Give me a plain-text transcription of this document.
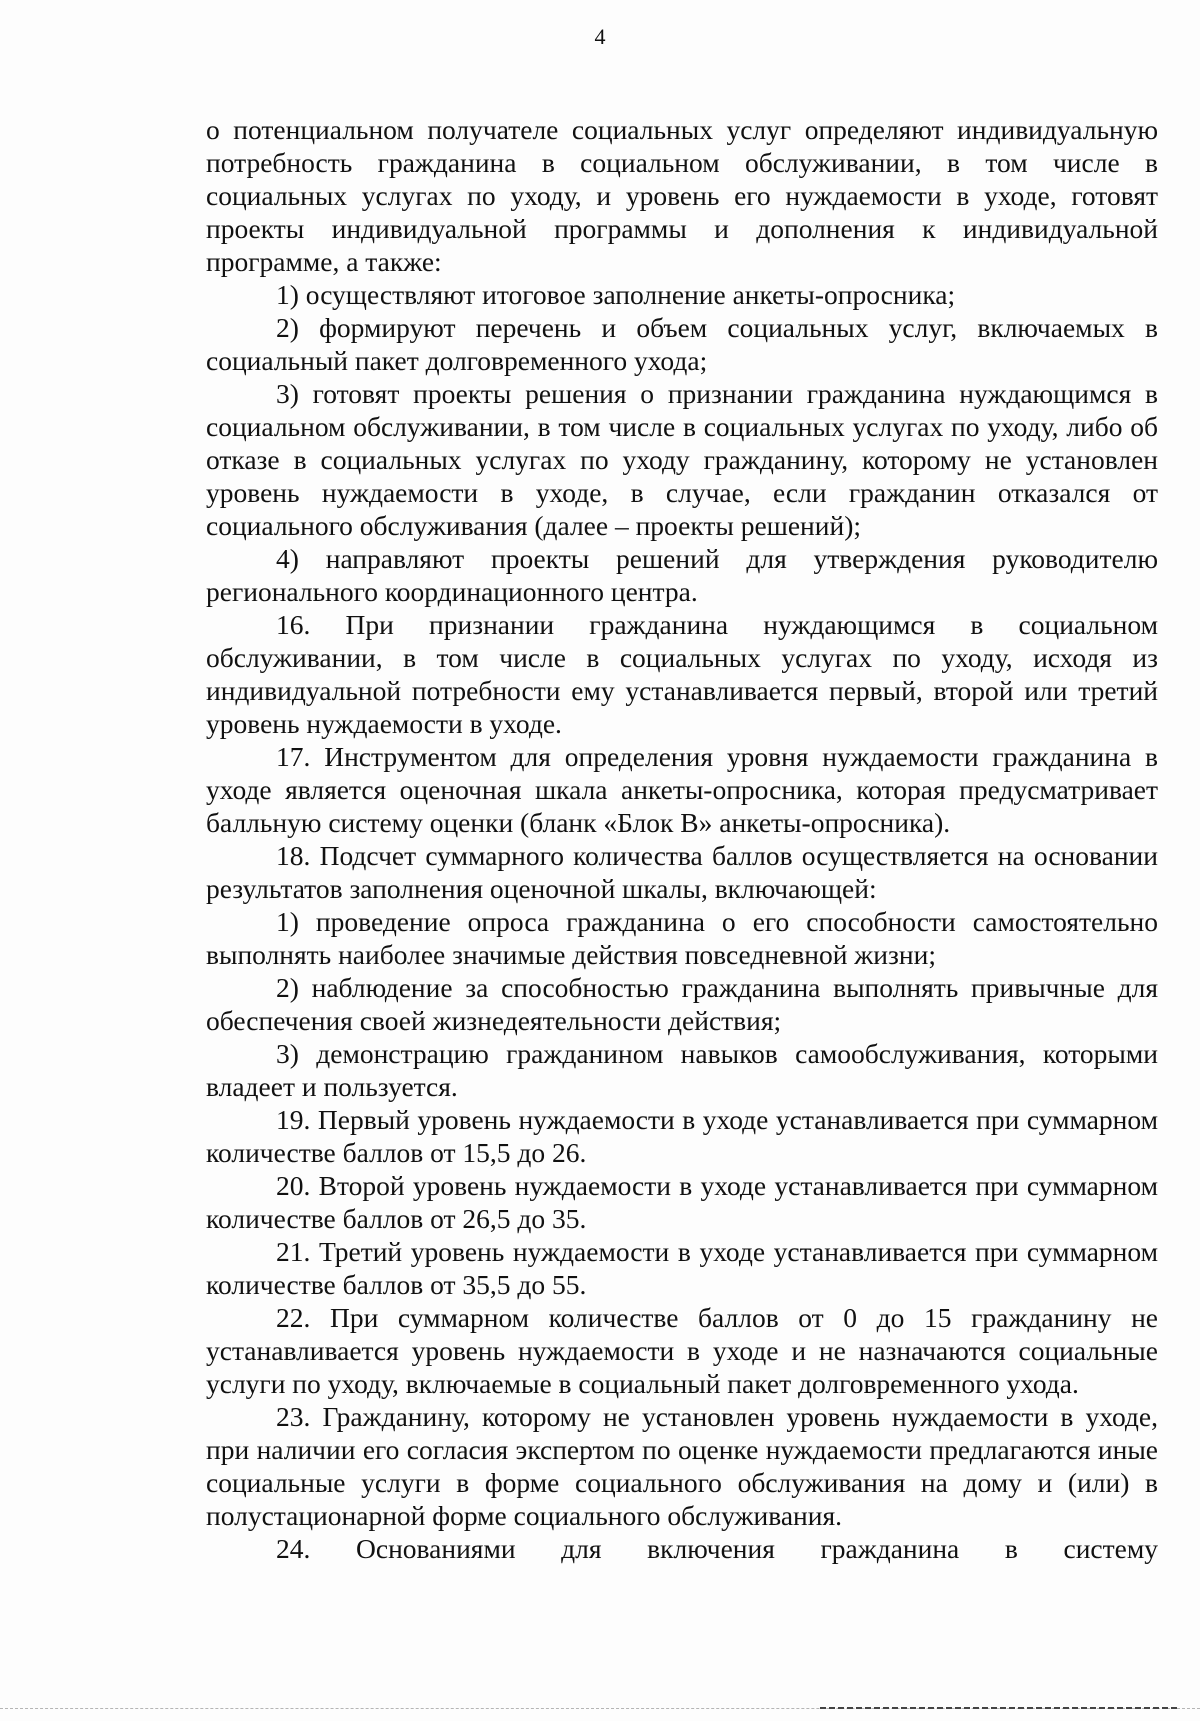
4

о потенциальном получателе социальных услуг определяют индивидуальную потребность гражданина в социальном обслуживании, в том числе в социальных услугах по уходу, и уровень его нуждаемости в уходе, готовят проекты индивидуальной программы и дополнения к индивидуальной программе, а также:

1) осуществляют итоговое заполнение анкеты-опросника;

2) формируют перечень и объем социальных услуг, включаемых в социальный пакет долговременного ухода;

3) готовят проекты решения о признании гражданина нуждающимся в социальном обслуживании, в том числе в социальных услугах по уходу, либо об отказе в социальных услугах по уходу гражданину, которому не установлен уровень нуждаемости в уходе, в случае, если гражданин отказался от социального обслуживания (далее – проекты решений);

4) направляют проекты решений для утверждения руководителю регионального координационного центра.

16. При признании гражданина нуждающимся в социальном обслуживании, в том числе в социальных услугах по уходу, исходя из индивидуальной потребности ему устанавливается первый, второй или третий уровень нуждаемости в уходе.

17. Инструментом для определения уровня нуждаемости гражданина в уходе является оценочная шкала анкеты-опросника, которая предусматривает балльную систему оценки (бланк «Блок В» анкеты-опросника).

18. Подсчет суммарного количества баллов осуществляется на основании результатов заполнения оценочной шкалы, включающей:

1) проведение опроса гражданина о его способности самостоятельно выполнять наиболее значимые действия повседневной жизни;

2) наблюдение за способностью гражданина выполнять привычные для обеспечения своей жизнедеятельности действия;

3) демонстрацию гражданином навыков самообслуживания, которыми владеет и пользуется.

19. Первый уровень нуждаемости в уходе устанавливается при суммарном количестве баллов от 15,5 до 26.

20. Второй уровень нуждаемости в уходе устанавливается при суммарном количестве баллов от 26,5 до 35.

21. Третий уровень нуждаемости в уходе устанавливается при суммарном количестве баллов от 35,5 до 55.

22. При суммарном количестве баллов от 0 до 15 гражданину не устанавливается уровень нуждаемости в уходе и не назначаются социальные услуги по уходу, включаемые в социальный пакет долговременного ухода.

23. Гражданину, которому не установлен уровень нуждаемости в уходе, при наличии его согласия экспертом по оценке нуждаемости предлагаются иные социальные услуги в форме социального обслуживания на дому и (или) в полустационарной форме социального обслуживания.

24. Основаниями для включения гражданина в систему
